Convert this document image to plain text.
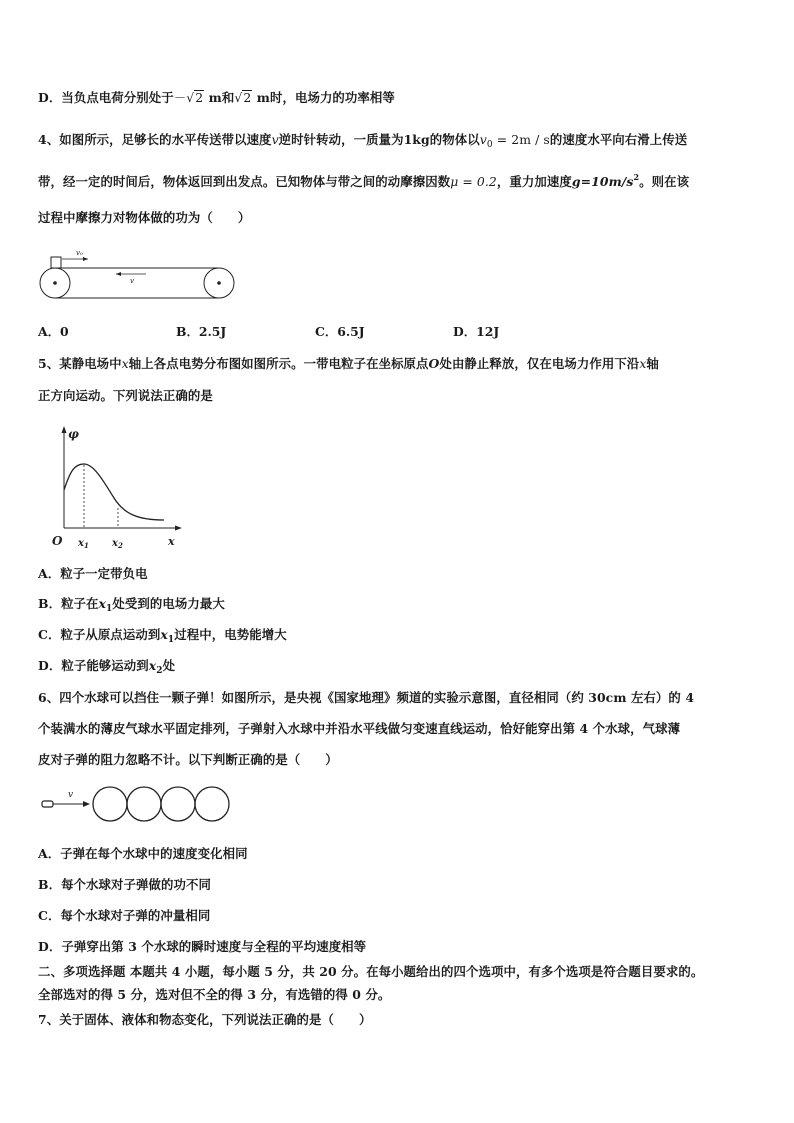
D．当负点电荷分别处于－√2 m和√2 m时，电场力的功率相等
4、如图所示，足够长的水平传送带以速度v逆时针转动，一质量为1kg的物体以$v_0 = 2m / s$的速度水平向右滑上传送
带，经一定的时间后，物体返回到出发点。已知物体与带之间的动摩擦因数μ = 0.2，重力加速度$g=10m/s^2$。则在该
过程中摩擦力对物体做的功为（　　）
v₀
v
A．0	B．2.5J	C．6.5J	D．12J
5、某静电场中x轴上各点电势分布图如图所示。一带电粒子在坐标原点O处由静止释放，仅在电场力作用下沿x轴
正方向运动。下列说法正确的是
φ
O $x_1$ $x_2$	x
A．粒子一定带负电
B．粒子在$x_1$处受到的电场力最大
C．粒子从原点运动到$x_1$过程中，电势能增大
D．粒子能够运动到$x_2$处
6、四个水球可以挡住一颗子弹！如图所示，是央视《国家地理》频道的实验示意图，直径相同（约 30cm 左右）的 4
个装满水的薄皮气球水平固定排列，子弹射入水球中并沿水平线做匀变速直线运动，恰好能穿出第 4 个水球，气球薄
皮对子弹的阻力忽略不计。以下判断正确的是（　　）
v
A．子弹在每个水球中的速度变化相同
B．每个水球对子弹做的功不同
C．每个水球对子弹的冲量相同
D．子弹穿出第 3 个水球的瞬时速度与全程的平均速度相等
二、多项选择题 本题共 4 小题，每小题 5 分，共 20 分。在每小题给出的四个选项中，有多个选项是符合题目要求的。
全部选对的得 5 分，选对但不全的得 3 分，有选错的得 0 分。
7、关于固体、液体和物态变化，下列说法正确的是（　　）
